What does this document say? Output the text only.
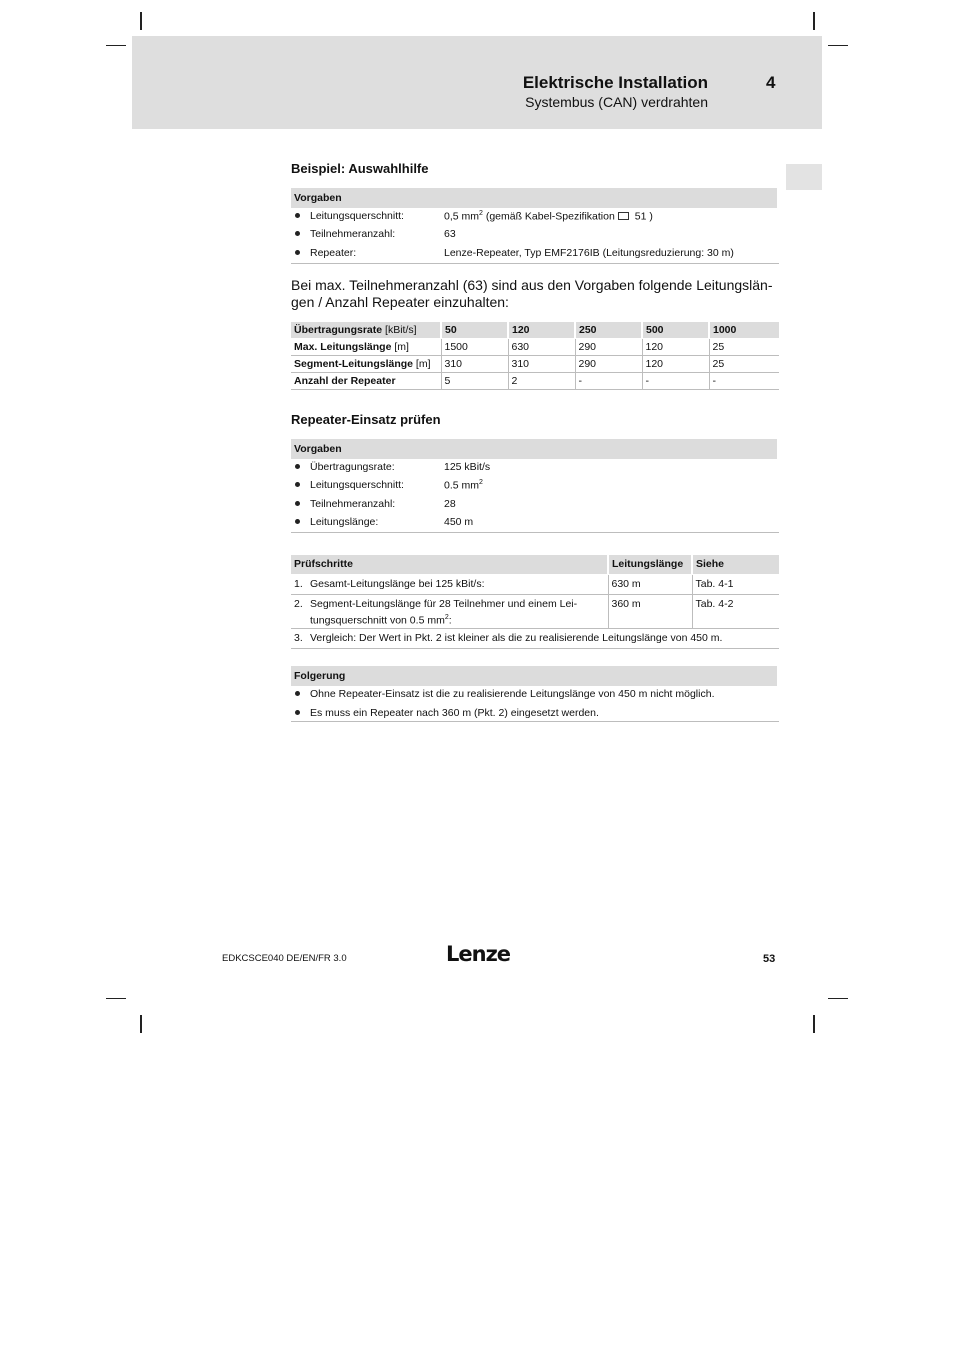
Elektrische Installation
Systembus (CAN) verdrahten
4
Beispiel: Auswahlhilfe
Vorgaben
Leitungsquerschnitt:	0,5 $mm^2$ (gemäß Kabel-Spezifikation 51 )
Teilnehmeranzahl:	63
Repeater:	Lenze-Repeater, Typ EMF2176IB (Leitungsreduzierung: 30 m)
Bei max. Teilnehmeranzahl (63) sind aus den Vorgaben folgende Leitungslän-
gen / Anzahl Repeater einzuhalten:
Übertragungsrate [kBit/s]	50	120	250	500	1000
Max. Leitungslänge [m]	1500	630	290	120	25
Segment-Leitungslänge [m]	310	310	290	120	25
Anzahl der Repeater	5	2	-	-	-
Repeater-Einsatz prüfen
Vorgaben
Übertragungsrate:	125 kBit/s
Leitungsquerschnitt:	0.5 $mm^2$
Teilnehmeranzahl:	28
Leitungslänge:	450 m
Prüfschritte	Leitungslänge	Siehe
1. Gesamt-Leitungslänge bei 125 kBit/s:	630 m	Tab. 4-1
2. Segment-Leitungslänge für 28 Teilnehmer und einem Lei-
tungsquerschnitt von 0.5 $mm^2$:	360 m	Tab. 4-2
3. Vergleich: Der Wert in Pkt. 2 ist kleiner als die zu realisierende Leitungslänge von 450 m.		
Folgerung
Ohne Repeater-Einsatz ist die zu realisierende Leitungslänge von 450 m nicht möglich.
Es muss ein Repeater nach 360 m (Pkt. 2) eingesetzt werden.
EDKCSCE040 DE/EN/FR 3.0	Lenze	53
